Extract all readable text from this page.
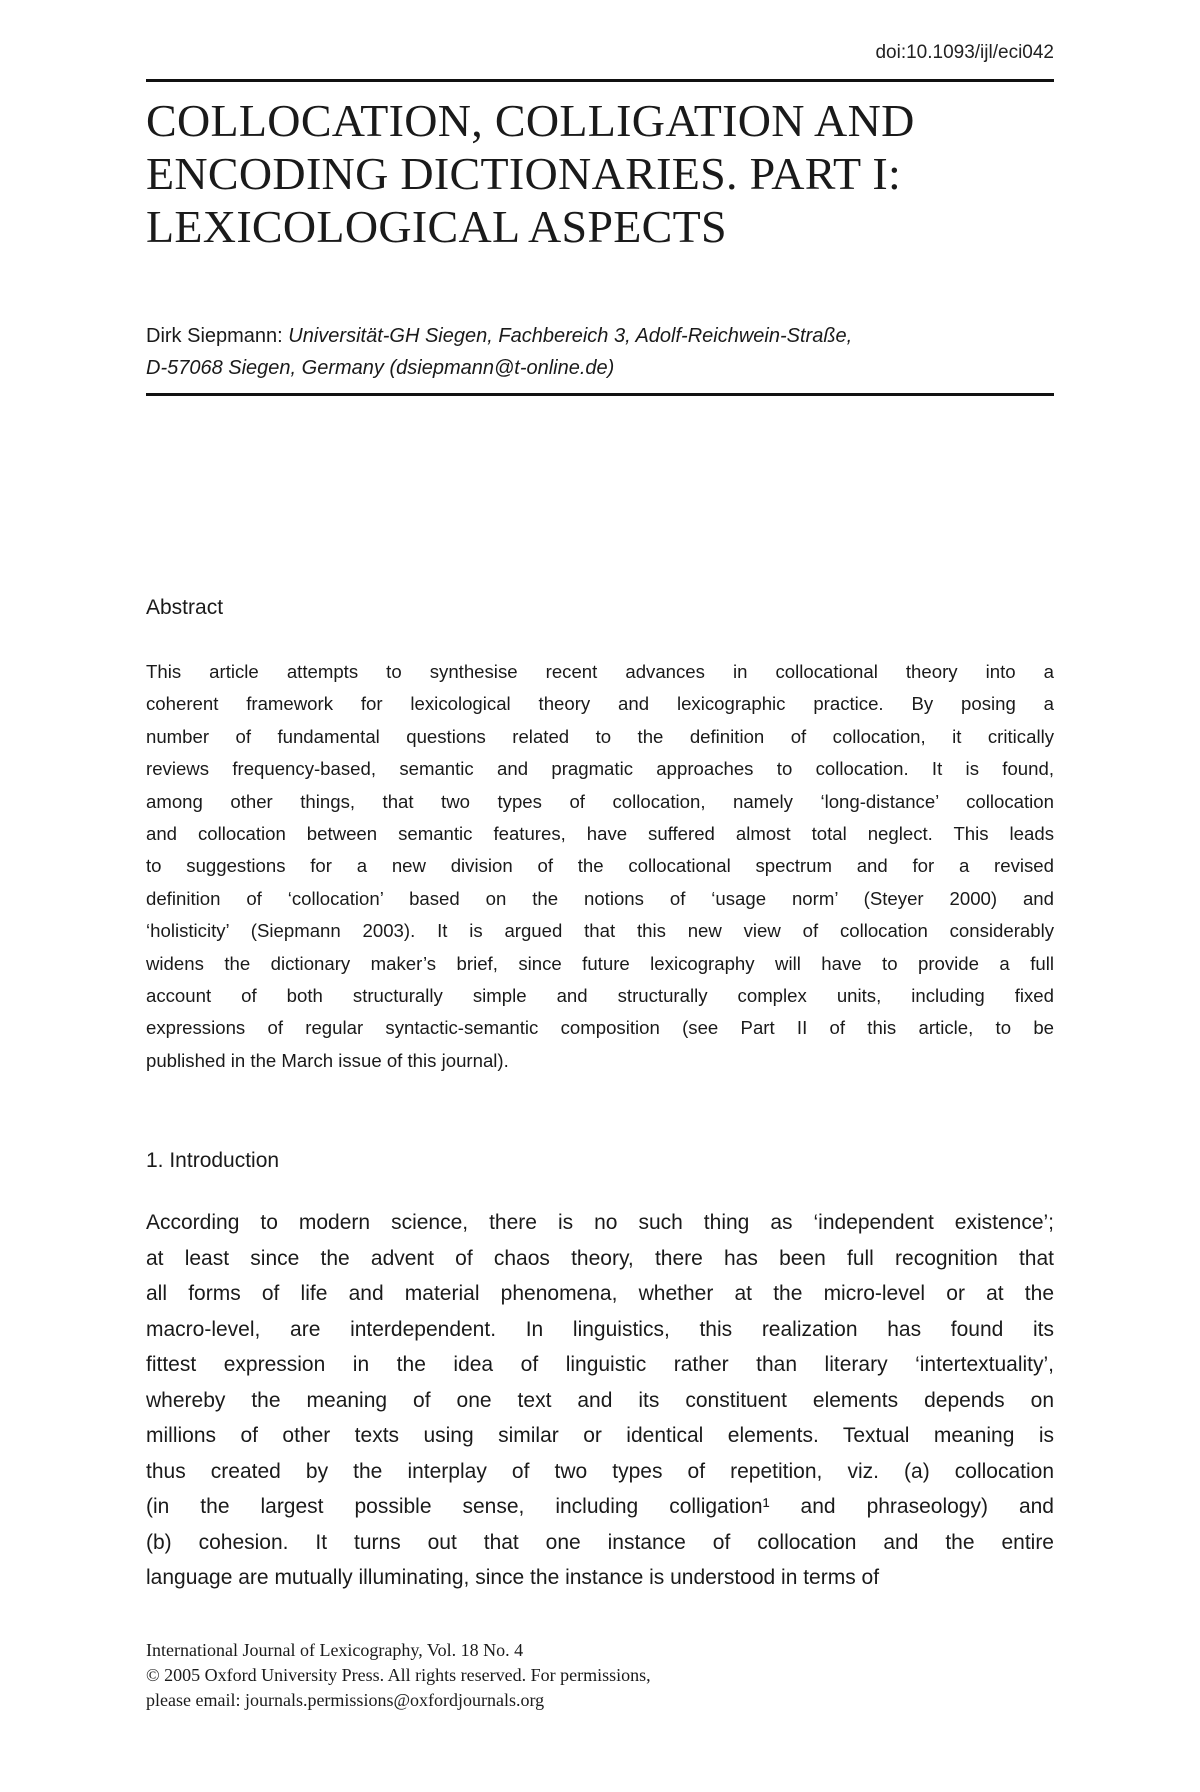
doi:10.1093/ijl/eci042
COLLOCATION, COLLIGATION AND
ENCODING DICTIONARIES. PART I:
LEXICOLOGICAL ASPECTS
Dirk Siepmann: Universität-GH Siegen, Fachbereich 3, Adolf-Reichwein-Straße,
D-57068 Siegen, Germany (dsiepmann@t-online.de)
Abstract
This article attempts to synthesise recent advances in collocational theory into a
coherent framework for lexicological theory and lexicographic practice. By posing a
number of fundamental questions related to the definition of collocation, it critically
reviews frequency-based, semantic and pragmatic approaches to collocation. It is found,
among other things, that two types of collocation, namely ‘long-distance’ collocation
and collocation between semantic features, have suffered almost total neglect. This leads
to suggestions for a new division of the collocational spectrum and for a revised
definition of ‘collocation’ based on the notions of ‘usage norm’ (Steyer 2000) and
‘holisticity’ (Siepmann 2003). It is argued that this new view of collocation considerably
widens the dictionary maker’s brief, since future lexicography will have to provide a full
account of both structurally simple and structurally complex units, including fixed
expressions of regular syntactic-semantic composition (see Part II of this article, to be
published in the March issue of this journal).
1. Introduction
According to modern science, there is no such thing as ‘independent existence’;
at least since the advent of chaos theory, there has been full recognition that
all forms of life and material phenomena, whether at the micro-level or at the
macro-level, are interdependent. In linguistics, this realization has found its
fittest expression in the idea of linguistic rather than literary ‘intertextuality’,
whereby the meaning of one text and its constituent elements depends on
millions of other texts using similar or identical elements. Textual meaning is
thus created by the interplay of two types of repetition, viz. (a) collocation
(in the largest possible sense, including colligation¹ and phraseology) and
(b) cohesion. It turns out that one instance of collocation and the entire
language are mutually illuminating, since the instance is understood in terms of
International Journal of Lexicography, Vol. 18 No. 4
© 2005 Oxford University Press. All rights reserved. For permissions,
please email: journals.permissions@oxfordjournals.org
